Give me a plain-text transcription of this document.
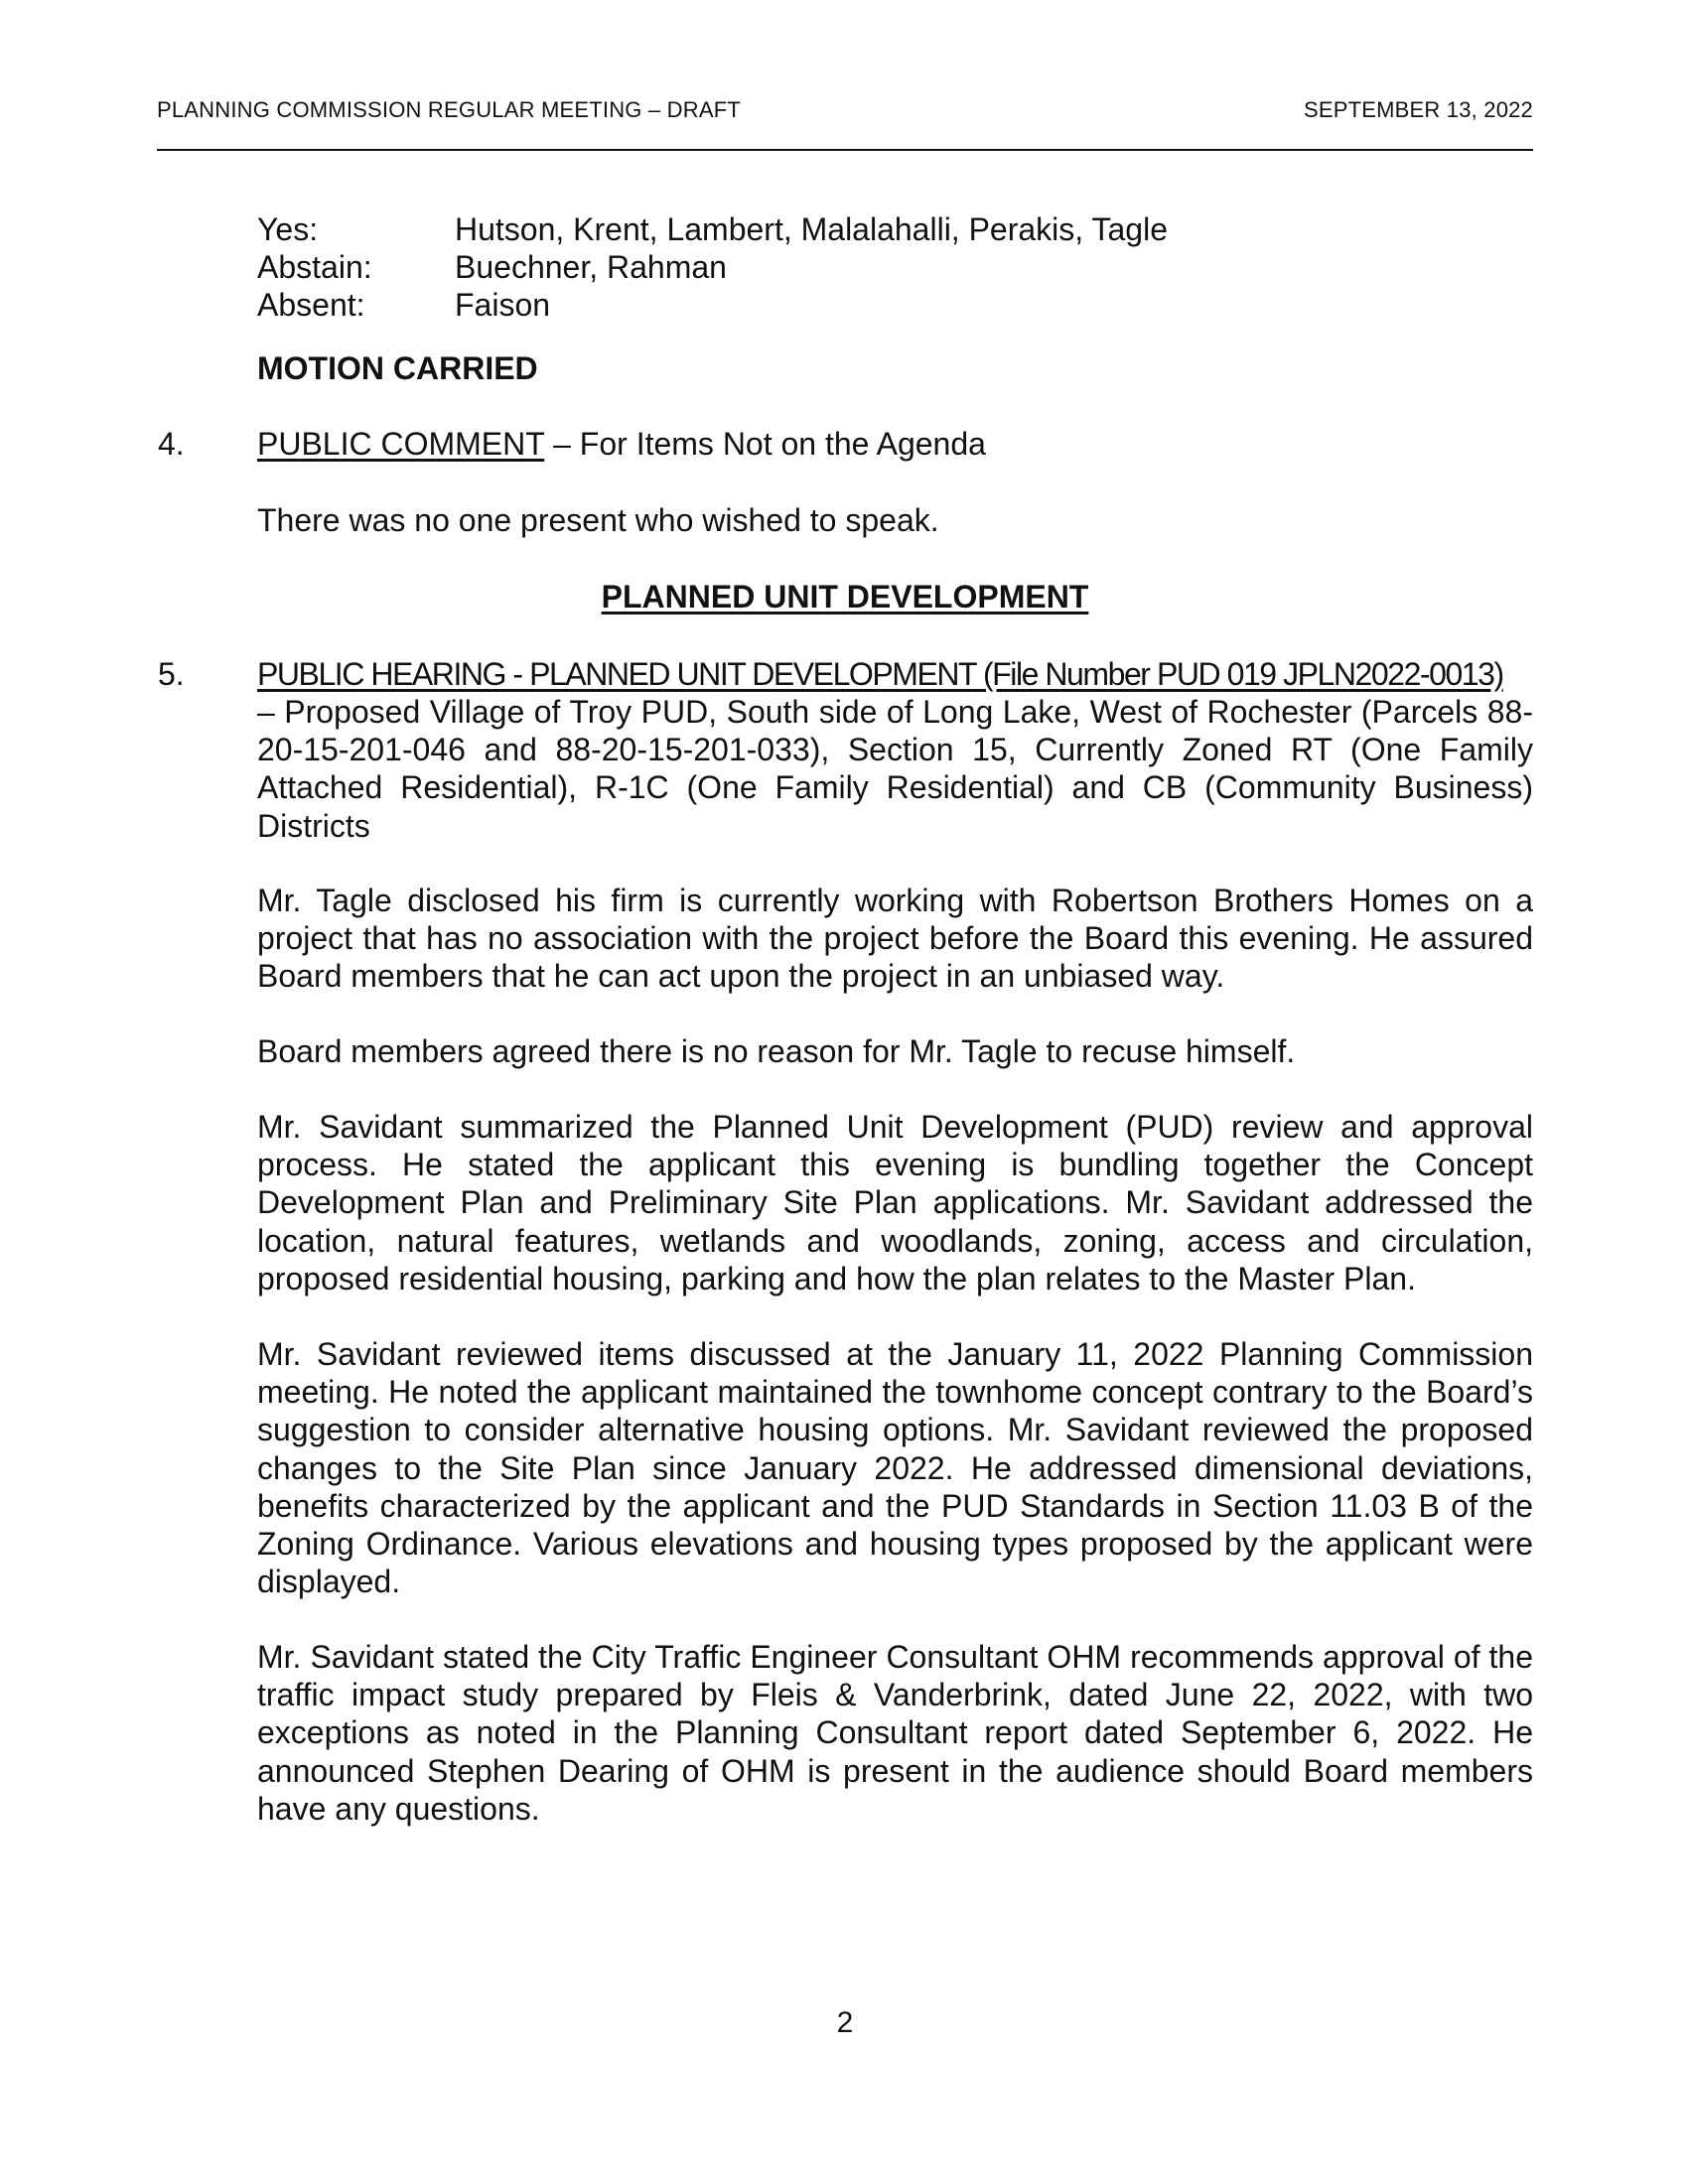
PLANNING COMMISSION REGULAR MEETING – DRAFT	SEPTEMBER 13, 2022
Yes:	Hutson, Krent, Lambert, Malalahalli, Perakis, Tagle
Abstain:	Buechner, Rahman
Absent:	Faison
MOTION CARRIED
4. PUBLIC COMMENT – For Items Not on the Agenda
There was no one present who wished to speak.
PLANNED UNIT DEVELOPMENT
5. PUBLIC HEARING - PLANNED UNIT DEVELOPMENT (File Number PUD 019 JPLN2022-0013)
– Proposed Village of Troy PUD, South side of Long Lake, West of Rochester (Parcels 88-20-15-201-046 and 88-20-15-201-033), Section 15, Currently Zoned RT (One Family Attached Residential), R-1C (One Family Residential) and CB (Community Business) Districts
Mr. Tagle disclosed his firm is currently working with Robertson Brothers Homes on a project that has no association with the project before the Board this evening. He assured Board members that he can act upon the project in an unbiased way.
Board members agreed there is no reason for Mr. Tagle to recuse himself.
Mr. Savidant summarized the Planned Unit Development (PUD) review and approval process. He stated the applicant this evening is bundling together the Concept Development Plan and Preliminary Site Plan applications. Mr. Savidant addressed the location, natural features, wetlands and woodlands, zoning, access and circulation, proposed residential housing, parking and how the plan relates to the Master Plan.
Mr. Savidant reviewed items discussed at the January 11, 2022 Planning Commission meeting. He noted the applicant maintained the townhome concept contrary to the Board’s suggestion to consider alternative housing options. Mr. Savidant reviewed the proposed changes to the Site Plan since January 2022. He addressed dimensional deviations, benefits characterized by the applicant and the PUD Standards in Section 11.03 B of the Zoning Ordinance. Various elevations and housing types proposed by the applicant were displayed.
Mr. Savidant stated the City Traffic Engineer Consultant OHM recommends approval of the traffic impact study prepared by Fleis & Vanderbrink, dated June 22, 2022, with two exceptions as noted in the Planning Consultant report dated September 6, 2022. He announced Stephen Dearing of OHM is present in the audience should Board members have any questions.
2
